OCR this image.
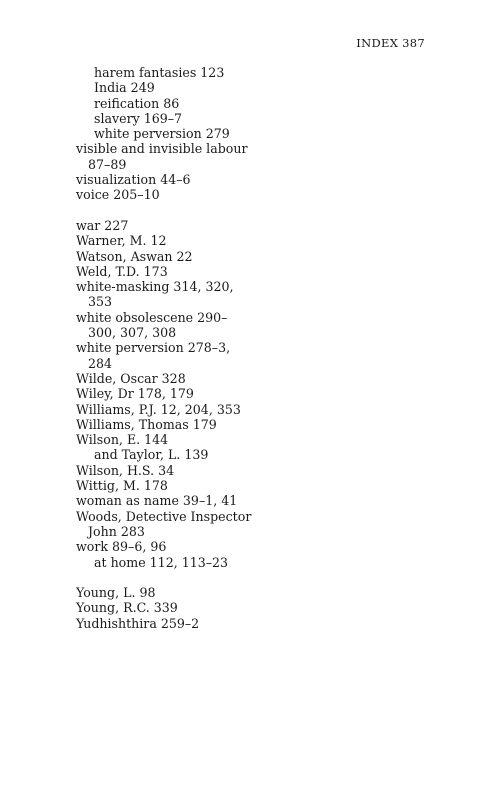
INDEX 387
harem fantasies 123
India 249
reification 86
slavery 169–7
white perversion 279
visible and invisible labour
87–89
visualization 44–6
voice 205–10
war 227
Warner, M. 12
Watson, Aswan 22
Weld, T.D. 173
white-masking 314, 320,
353
white obsolescene 290–
300, 307, 308
white perversion 278–3,
284
Wilde, Oscar 328
Wiley, Dr 178, 179
Williams, P.J. 12, 204, 353
Williams, Thomas 179
Wilson, E. 144
and Taylor, L. 139
Wilson, H.S. 34
Wittig, M. 178
woman as name 39–1, 41
Woods, Detective Inspector
John 283
work 89–6, 96
at home 112, 113–23
Young, L. 98
Young, R.C. 339
Yudhishthira 259–2
